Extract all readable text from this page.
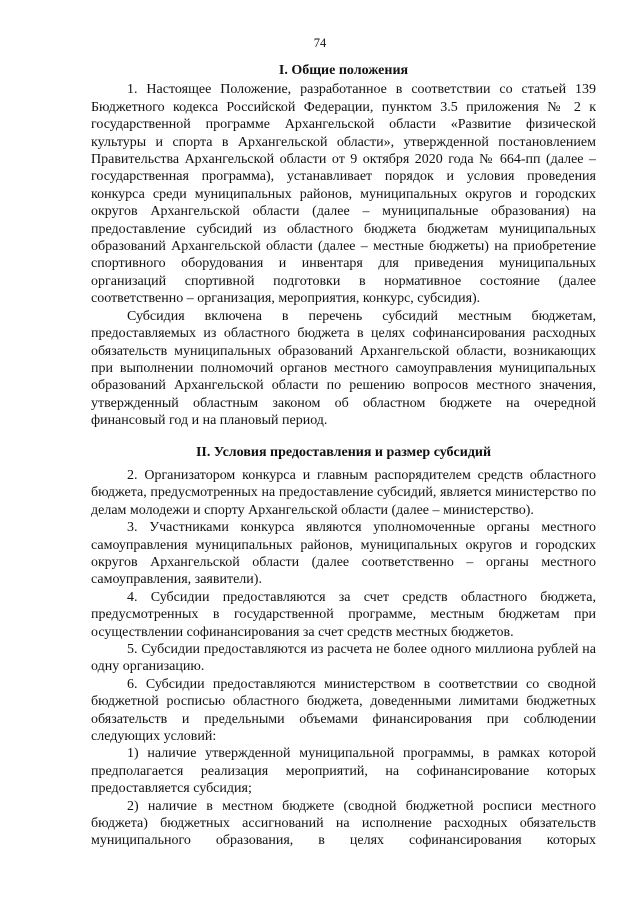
74
I. Общие положения

1. Настоящее Положение, разработанное в соответствии со статьей 139 Бюджетного кодекса Российской Федерации, пунктом 3.5 приложения № 2 к государственной программе Архангельской области «Развитие физической культуры и спорта в Архангельской области», утвержденной постановлением Правительства Архангельской области от 9 октября 2020 года № 664-пп (далее – государственная программа), устанавливает порядок и условия проведения конкурса среди муниципальных районов, муниципальных округов и городских округов Архангельской области (далее – муниципальные образования) на предоставление субсидий из областного бюджета бюджетам муниципальных образований Архангельской области (далее – местные бюджеты) на приобретение спортивного оборудования и инвентаря для приведения муниципальных организаций спортивной подготовки в нормативное состояние (далее соответственно – организация, мероприятия, конкурс, субсидия).

Субсидия включена в перечень субсидий местным бюджетам, предоставляемых из областного бюджета в целях софинансирования расходных обязательств муниципальных образований Архангельской области, возникающих при выполнении полномочий органов местного самоуправления муниципальных образований Архангельской области по решению вопросов местного значения, утвержденный областным законом об областном бюджете на очередной финансовый год и на плановый период.

II. Условия предоставления и размер субсидий

2. Организатором конкурса и главным распорядителем средств областного бюджета, предусмотренных на предоставление субсидий, является министерство по делам молодежи и спорту Архангельской области (далее – министерство).

3. Участниками конкурса являются уполномоченные органы местного самоуправления муниципальных районов, муниципальных округов и городских округов Архангельской области (далее соответственно – органы местного самоуправления, заявители).

4. Субсидии предоставляются за счет средств областного бюджета, предусмотренных в государственной программе, местным бюджетам при осуществлении софинансирования за счет средств местных бюджетов.

5. Субсидии предоставляются из расчета не более одного миллиона рублей на одну организацию.

6. Субсидии предоставляются министерством в соответствии со сводной бюджетной росписью областного бюджета, доведенными лимитами бюджетных обязательств и предельными объемами финансирования при соблюдении следующих условий:

1) наличие утвержденной муниципальной программы, в рамках которой предполагается реализация мероприятий, на софинансирование которых предоставляется субсидия;

2) наличие в местном бюджете (сводной бюджетной росписи местного бюджета) бюджетных ассигнований на исполнение расходных обязательств муниципального образования, в целях софинансирования которых
